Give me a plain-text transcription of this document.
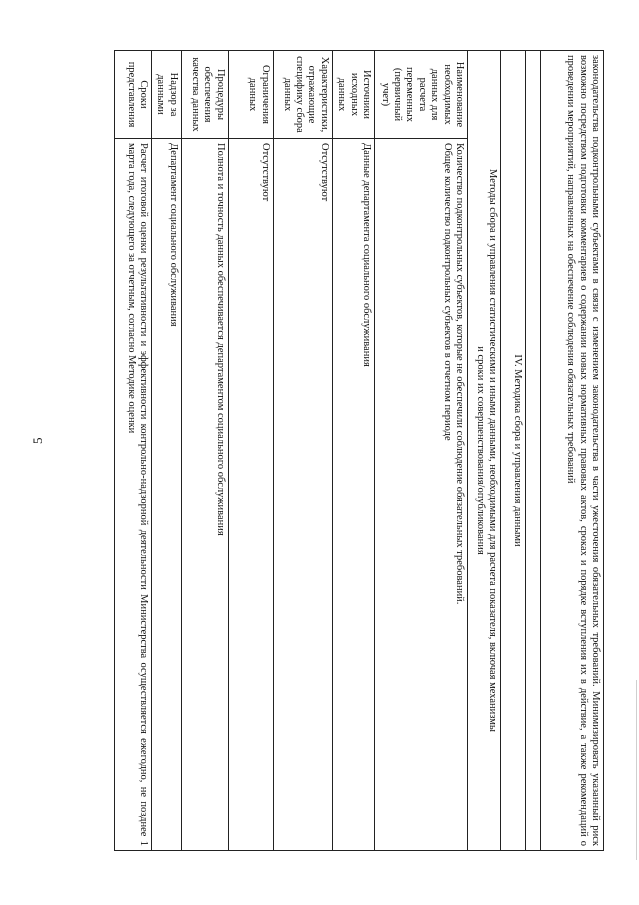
5	законодательства подконтрольными субъектами в связи с изменением законодательства в части ужесточения обязательных требований. Минимизировать указанный риск возможно посредством подготовки комментариев о содержании новых нормативных правовых актов, сроках и порядке вступления их в действие, а также рекомендаций о проведении мероприятий, направленных на обеспечение соблюдения обязательных требований	

IV. Методика сбора и управления данными	

Методы сбора и управления статистическими и иными данными, необходимыми для расчета показателя, включая механизмы
и сроки их совершенствования/опубликования	

Наименование необходимых данных для расчета переменных (первичный учет)	Количество подконтрольных субъектов, которые не обеспечили соблюдение обязательных требований.
Общее количество подконтрольных субъектов в отчетном периоде

Источники исходных данных	Данные департамента социального обслуживания
Характеристики, отражающие специфику сбора данных	Отсутствуют
Ограничения данных	Отсутствуют
Процедуры обеспечения качества данных	Полнота и точность данных обеспечивается департаментом социального обслуживания
Надзор за данными	Департамент социального обслуживания
Сроки представления	Расчет итоговой оценки результативности и эффективности контрольно-надзорной деятельности Министерства осуществляется ежегодно, не позднее 1 марта года, следующего за отчетным, согласно Методике оценки
